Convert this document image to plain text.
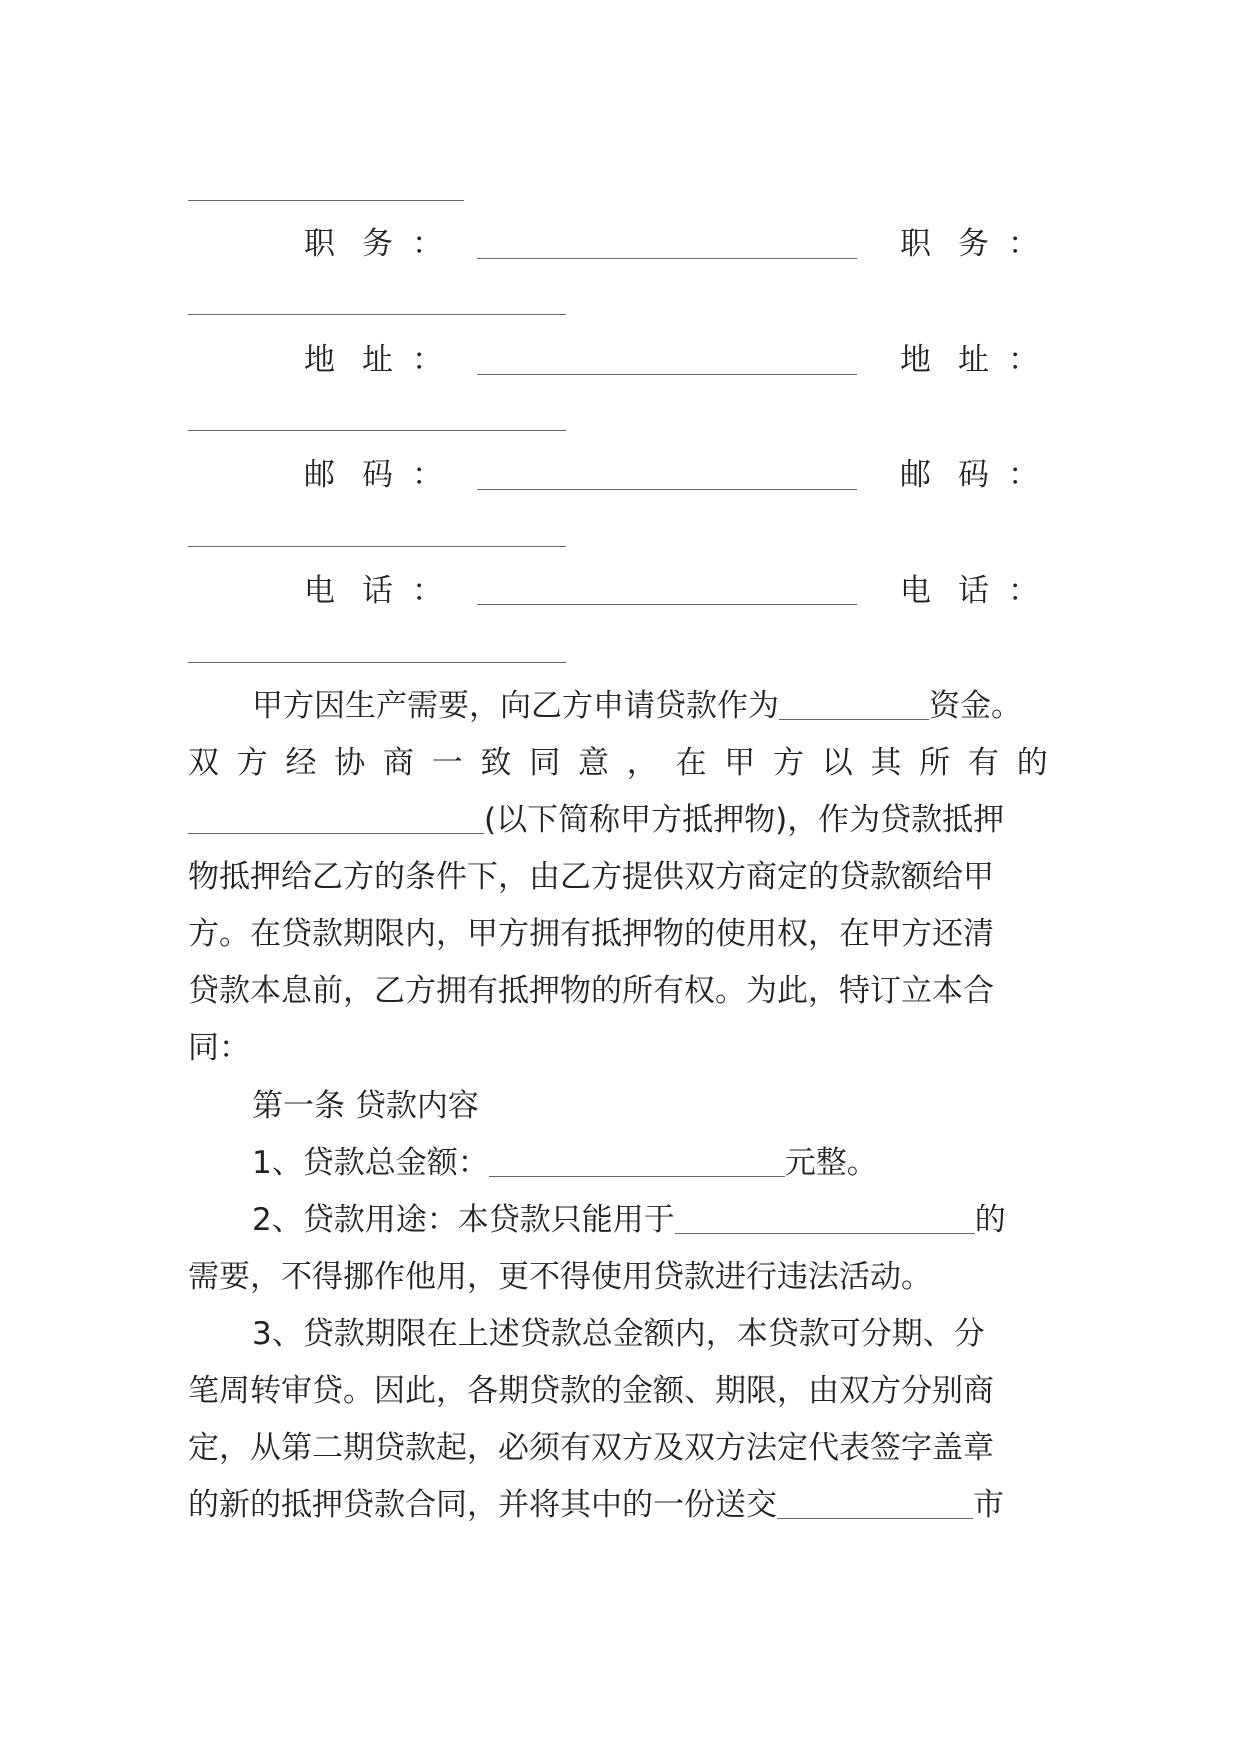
职 务 ：	职 务 ：
地 址 ：	地 址 ：
邮 码 ：	邮 码 ：
电 话 ：	电 话 ：
甲方因生产需要，向乙方申请贷款作为	资金。
双 方 经 协 商 一 致 同 意 ， 在 甲 方 以 其 所 有 的
(以下简称甲方抵押物)，作为贷款抵押
物抵押给乙方的条件下，由乙方提供双方商定的贷款额给甲
方。在贷款期限内，甲方拥有抵押物的使用权，在甲方还清
贷款本息前，乙方拥有抵押物的所有权。为此，特订立本合
同：
第一条 贷款内容
1、贷款总金额：	元整。
2、贷款用途：本贷款只能用于	的
需要，不得挪作他用，更不得使用贷款进行违法活动。
3、贷款期限在上述贷款总金额内，本贷款可分期、分
笔周转审贷。因此，各期贷款的金额、期限，由双方分别商
定，从第二期贷款起，必须有双方及双方法定代表签字盖章
的新的抵押贷款合同，并将其中的一份送交	市
